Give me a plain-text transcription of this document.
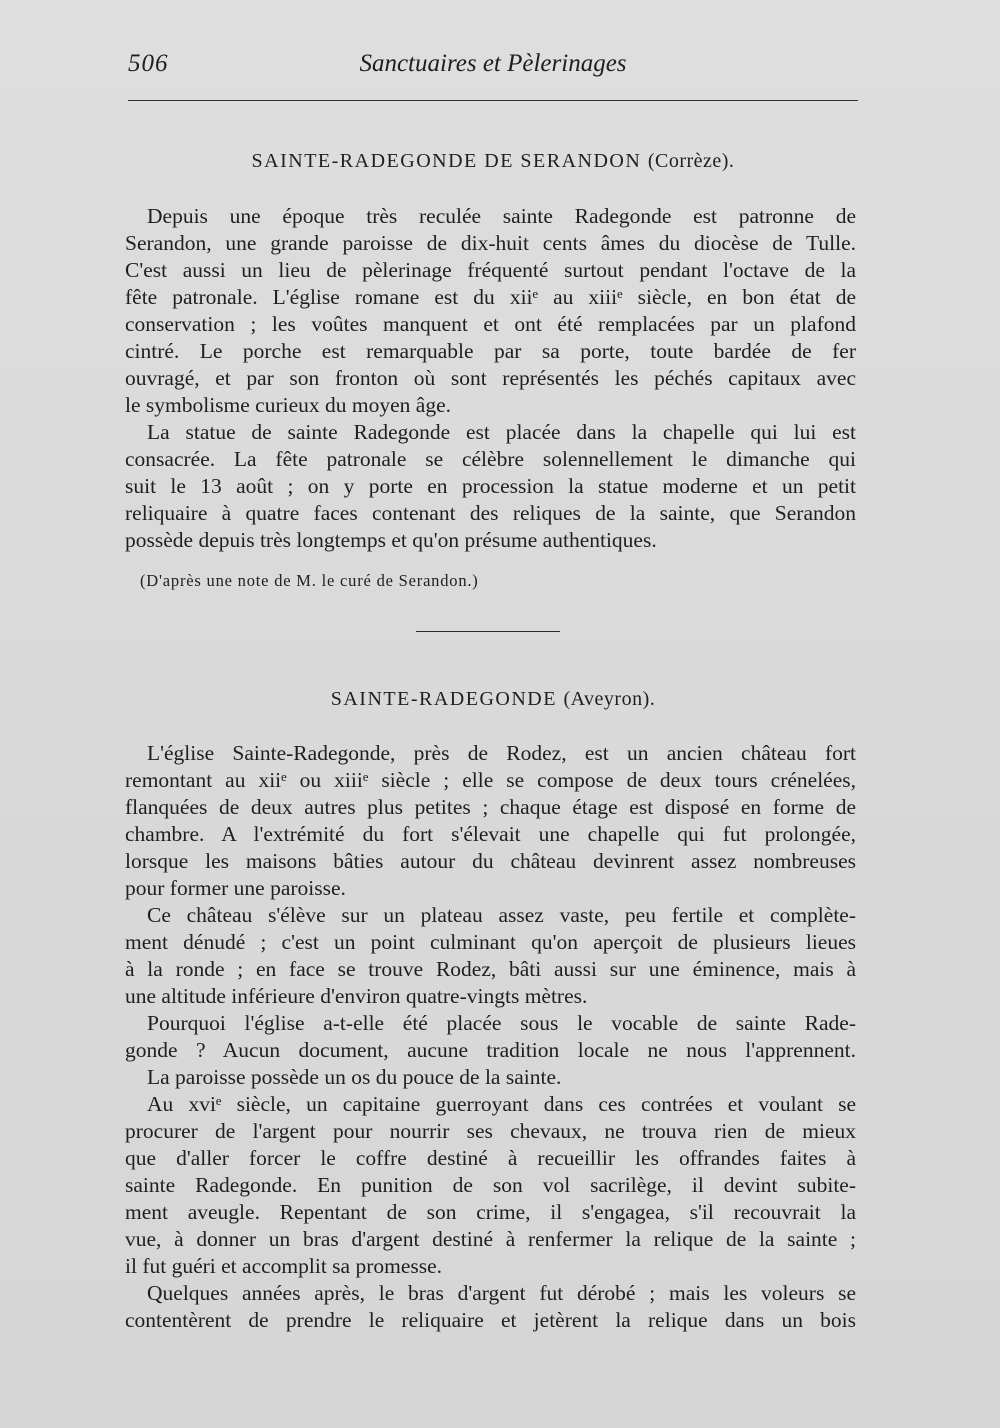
506	Sanctuaires et Pèlerinages
SAINTE-RADEGONDE DE SERANDON (Corrèze).
Depuis une époque très reculée sainte Radegonde est patronne de
Serandon, une grande paroisse de dix-huit cents âmes du diocèse de Tulle.
C'est aussi un lieu de pèlerinage fréquenté surtout pendant l'octave de la
fête patronale. L'église romane est du xiiᵉ au xiiiᵉ siècle, en bon état de
conservation ; les voûtes manquent et ont été remplacées par un plafond
cintré. Le porche est remarquable par sa porte, toute bardée de fer
ouvragé, et par son fronton où sont représentés les péchés capitaux avec
le symbolisme curieux du moyen âge.
La statue de sainte Radegonde est placée dans la chapelle qui lui est
consacrée. La fête patronale se célèbre solennellement le dimanche qui
suit le 13 août ; on y porte en procession la statue moderne et un petit
reliquaire à quatre faces contenant des reliques de la sainte, que Serandon
possède depuis très longtemps et qu'on présume authentiques.
(D'après une note de M. le curé de Serandon.)
SAINTE-RADEGONDE (Aveyron).
L'église Sainte-Radegonde, près de Rodez, est un ancien château fort
remontant au xiiᵉ ou xiiiᵉ siècle ; elle se compose de deux tours crénelées,
flanquées de deux autres plus petites ; chaque étage est disposé en forme de
chambre. A l'extrémité du fort s'élevait une chapelle qui fut prolongée,
lorsque les maisons bâties autour du château devinrent assez nombreuses
pour former une paroisse.
Ce château s'élève sur un plateau assez vaste, peu fertile et complète-
ment dénudé ; c'est un point culminant qu'on aperçoit de plusieurs lieues
à la ronde ; en face se trouve Rodez, bâti aussi sur une éminence, mais à
une altitude inférieure d'environ quatre-vingts mètres.
Pourquoi l'église a-t-elle été placée sous le vocable de sainte Rade-
gonde ? Aucun document, aucune tradition locale ne nous l'apprennent.
La paroisse possède un os du pouce de la sainte.
Au xviᵉ siècle, un capitaine guerroyant dans ces contrées et voulant se
procurer de l'argent pour nourrir ses chevaux, ne trouva rien de mieux
que d'aller forcer le coffre destiné à recueillir les offrandes faites à
sainte Radegonde. En punition de son vol sacrilège, il devint subite-
ment aveugle. Repentant de son crime, il s'engagea, s'il recouvrait la
vue, à donner un bras d'argent destiné à renfermer la relique de la sainte ;
il fut guéri et accomplit sa promesse.
Quelques années après, le bras d'argent fut dérobé ; mais les voleurs se
contentèrent de prendre le reliquaire et jetèrent la relique dans un bois
